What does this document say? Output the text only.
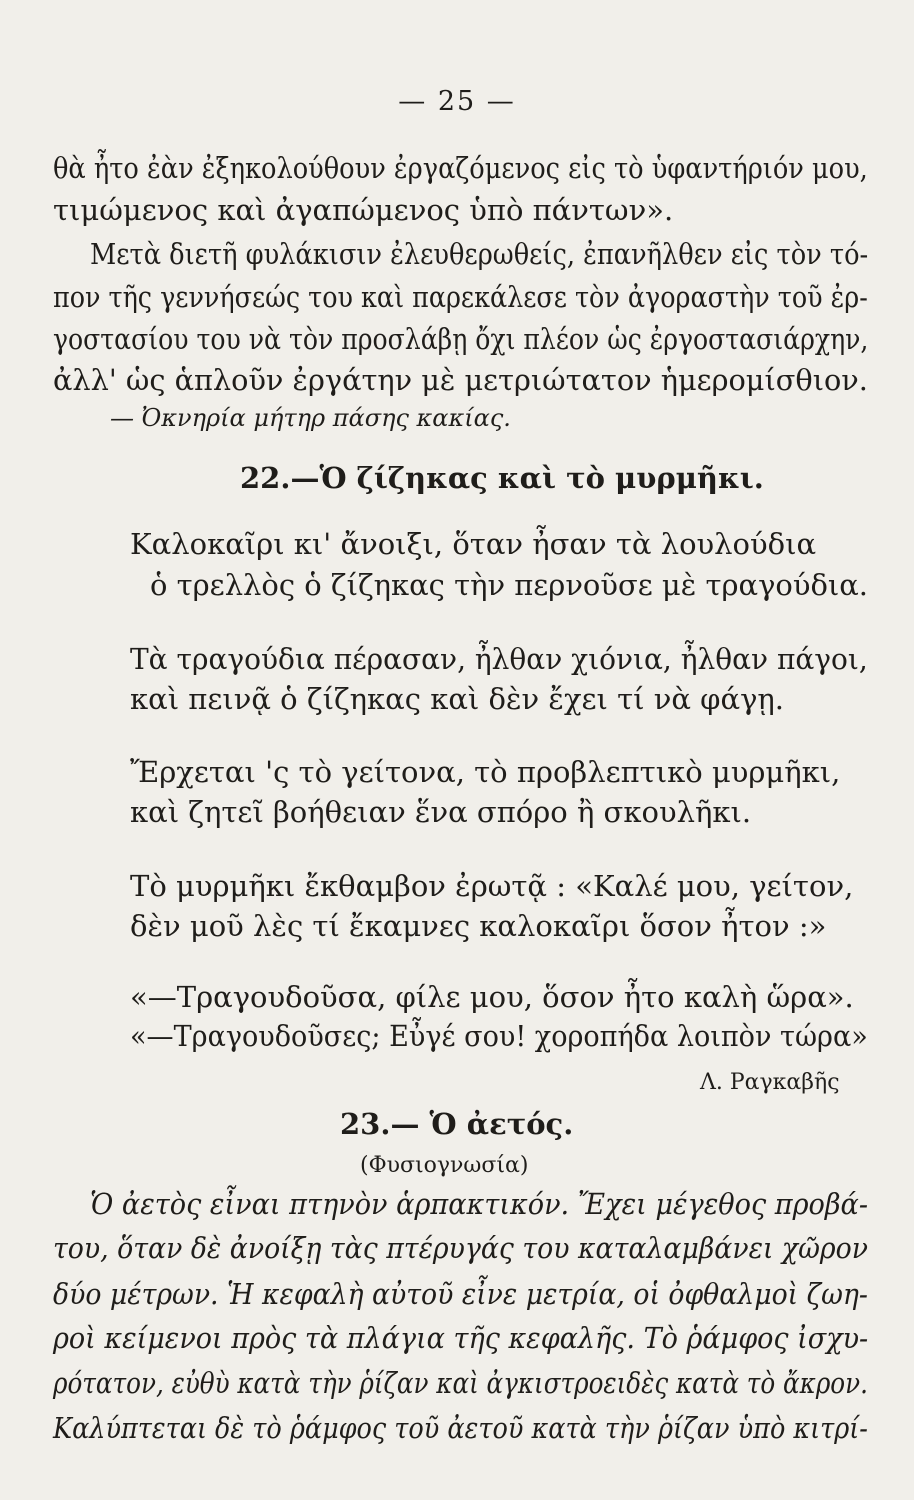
— 25 —
θὰ ἦτο ἐὰν ἐξηκολούθουν ἐργαζόμενος εἰς τὸ ὑφαντήριόν μου,
τιμώμενος καὶ ἀγαπώμενος ὑπὸ πάντων».
Μετὰ διετῆ φυλάκισιν ἐλευθερωθείς, ἐπανῆλθεν εἰς τὸν τό-
πον τῆς γεννήσεώς του καὶ παρεκάλεσε τὸν ἀγοραστὴν τοῦ ἐρ-
γοστασίου του νὰ τὸν προσλάβῃ ὄχι πλέον ὡς ἐργοστασιάρχην,
ἀλλ' ὡς ἁπλοῦν ἐργάτην μὲ μετριώτατον ἡμερομίσθιον.
— Ὀκνηρία μήτηρ πάσης κακίας.
22.—Ὁ ζίζηκας καὶ τὸ μυρμῆκι.
Καλοκαῖρι κι' ἄνοιξι, ὅταν ἦσαν τὰ λουλούδια
ὁ τρελλὸς ὁ ζίζηκας τὴν περνοῦσε μὲ τραγούδια.
Τὰ τραγούδια πέρασαν, ἦλθαν χιόνια, ἦλθαν πάγοι,
καὶ πεινᾷ ὁ ζίζηκας καὶ δὲν ἔχει τί νὰ φάγῃ.
Ἔρχεται 'ς τὸ γείτονα, τὸ προβλεπτικὸ μυρμῆκι,
καὶ ζητεῖ βοήθειαν ἕνα σπόρο ἢ σκουλῆκι.
Τὸ μυρμῆκι ἔκθαμβον ἐρωτᾷ : «Καλέ μου, γείτον,
δὲν μοῦ λὲς τί ἔκαμνες καλοκαῖρι ὅσον ἦτον :»
«—Τραγουδοῦσα, φίλε μου, ὅσον ἦτο καλὴ ὥρα».
«—Τραγουδοῦσες; Εὖγέ σου! χοροπήδα λοιπὸν τώρα»
Λ. Ραγκαβῆς
23.— Ὁ ἀετός.
(Φυσιογνωσία)
Ὁ ἀετὸς εἶναι πτηνὸν ἁρπακτικόν. Ἔχει μέγεθος προβά-
του, ὅταν δὲ ἀνοίξῃ τὰς πτέρυγάς του καταλαμβάνει χῶρον
δύο μέτρων. Ἡ κεφαλὴ αὐτοῦ εἶνε μετρία, οἱ ὀφθαλμοὶ ζωη-
ροὶ κείμενοι πρὸς τὰ πλάγια τῆς κεφαλῆς. Τὸ ῥάμφος ἰσχυ-
ρότατον, εὐθὺ κατὰ τὴν ῥίζαν καὶ ἀγκιστροειδὲς κατὰ τὸ ἄκρον.
Καλύπτεται δὲ τὸ ῥάμφος τοῦ ἀετοῦ κατὰ τὴν ῥίζαν ὑπὸ κιτρί-
